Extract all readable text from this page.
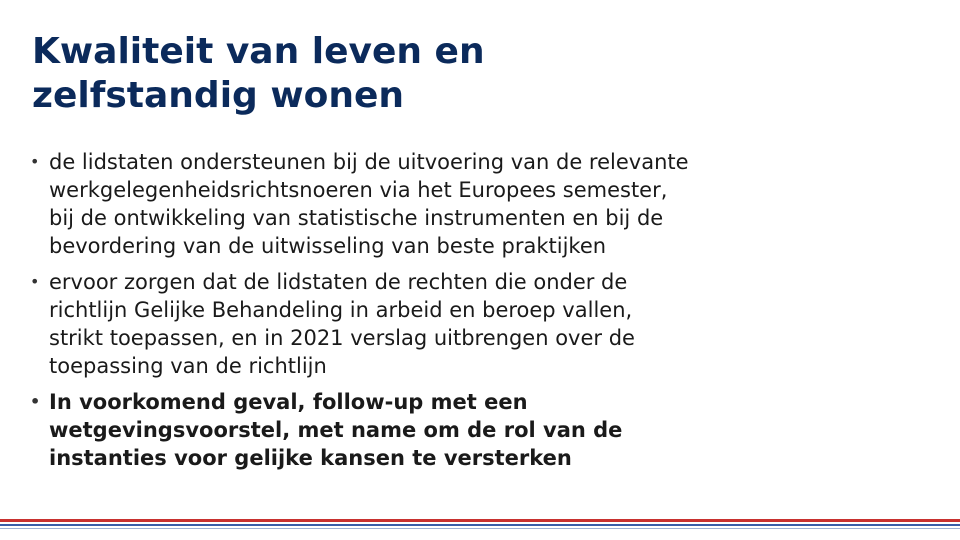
Kwaliteit van leven en
zelfstandig wonen
• de lidstaten ondersteunen bij de uitvoering van de relevante
werkgelegenheidsrichtsnoeren via het Europees semester,
bij de ontwikkeling van statistische instrumenten en bij de
bevordering van de uitwisseling van beste praktijken
• ervoor zorgen dat de lidstaten de rechten die onder de
richtlijn Gelijke Behandeling in arbeid en beroep vallen,
strikt toepassen, en in 2021 verslag uitbrengen over de
toepassing van de richtlijn
• In voorkomend geval, follow-up met een
wetgevingsvoorstel, met name om de rol van de
instanties voor gelijke kansen te versterken
